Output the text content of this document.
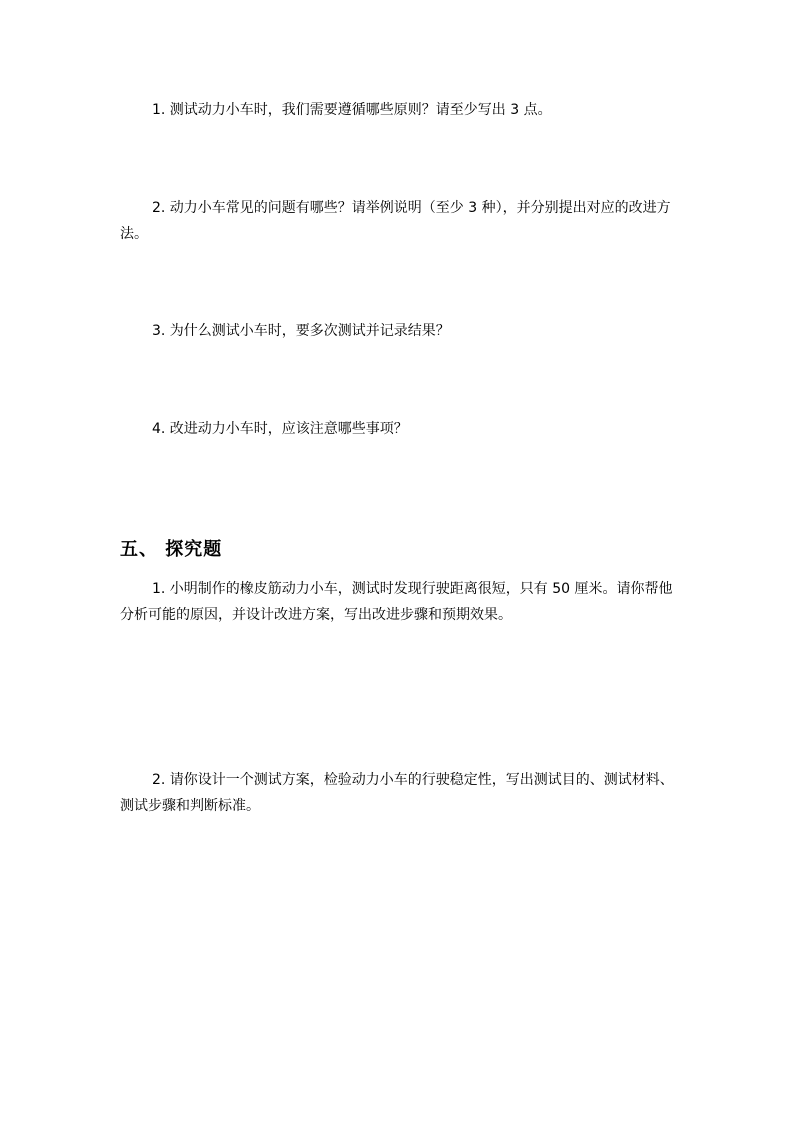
1. 测试动力小车时，我们需要遵循哪些原则？请至少写出 3 点。

2. 动力小车常见的问题有哪些？请举例说明（至少 3 种），并分别提出对应的改进方法。

3. 为什么测试小车时，要多次测试并记录结果？

4. 改进动力小车时，应该注意哪些事项？

五、 探究题

1. 小明制作的橡皮筋动力小车，测试时发现行驶距离很短，只有 50 厘米。请你帮他分析可能的原因，并设计改进方案，写出改进步骤和预期效果。

2. 请你设计一个测试方案，检验动力小车的行驶稳定性，写出测试目的、测试材料、测试步骤和判断标准。
